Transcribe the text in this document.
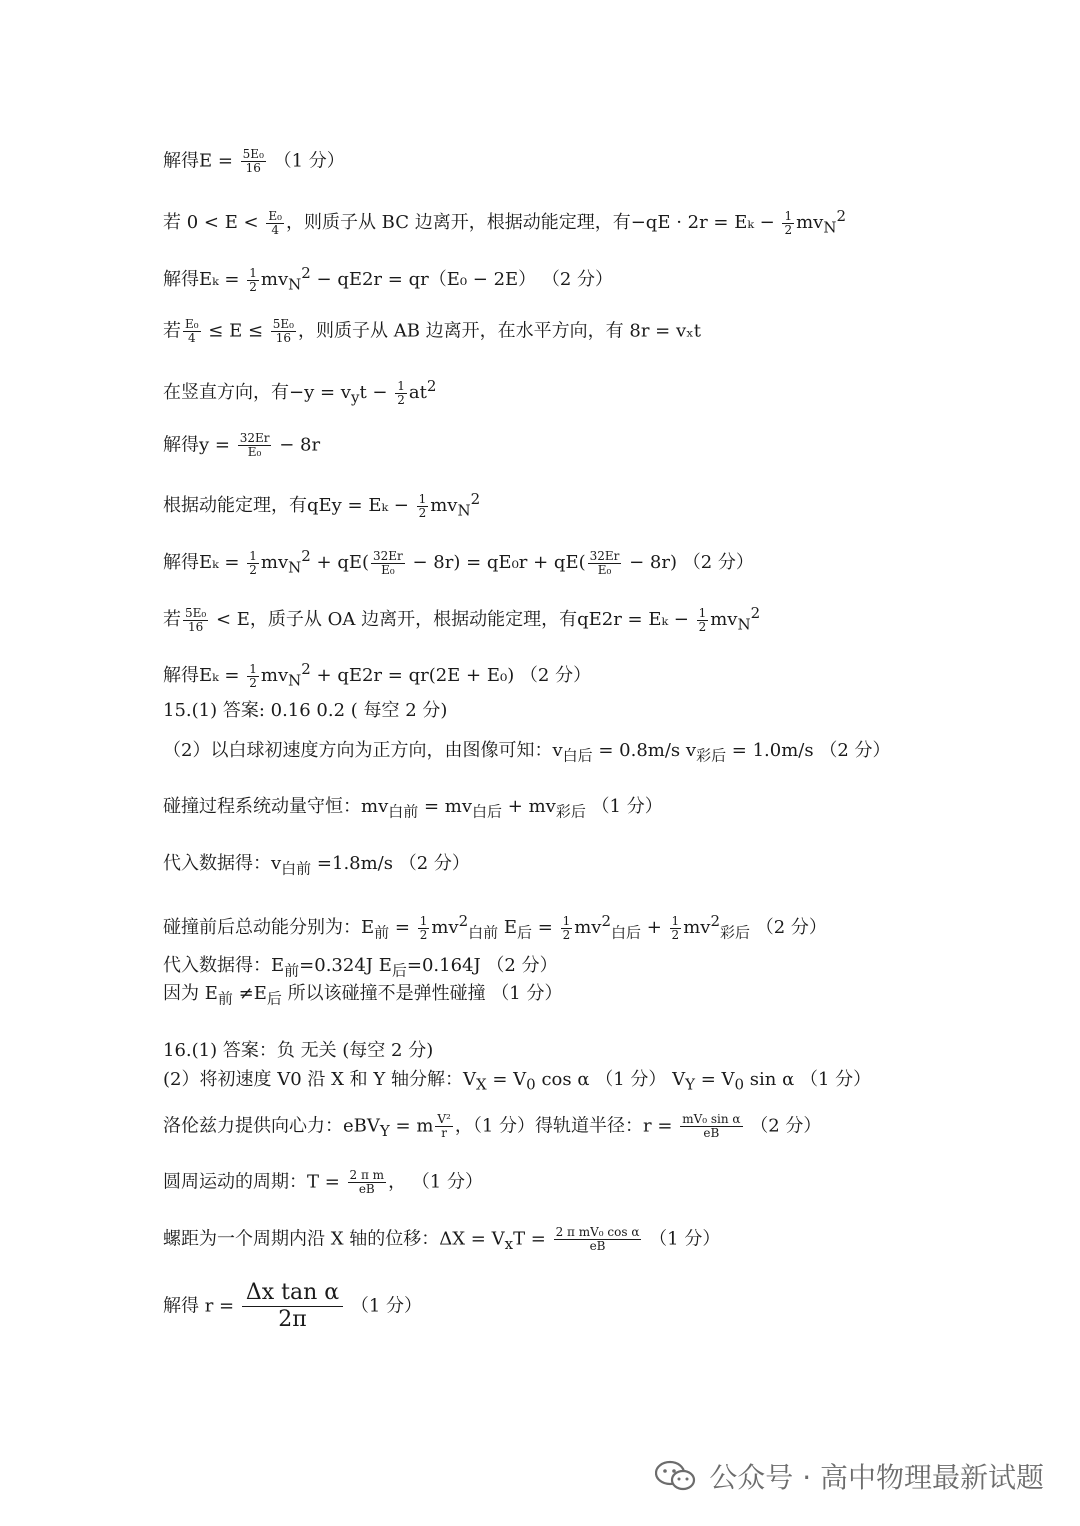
解得$E = \frac{\text{5E₀}}{16} (1$ 分）
若 $0 < E < \frac{\text{E₀}}{4}$ ，则质子从 BC 边离开，根据动能定理，有$-qE \cdot 2r = E_k - \frac{1}{2} mv_N^2$
解得$E_k = \frac{1}{2} mv_N^2 - qE2r = qr(E_0 - 2E)$ （2 分）
若 $\frac{\text{E₀}}{4} \le E \le \frac{\text{5E₀}}{16}$ ，则质子从 AB 边离开，在水平方向，有 8r = vₓt
在竖直方向，有$-y = v_yt - \frac{1}{2} at^2$
解得$y = \frac{32Er}{\text{E₀}} - 8r$
根据动能定理，有qEy = $E_k - \frac{1}{2} mv_N^2$
解得$E_k = \frac{1}{2} mv_N^2 + qE( \frac{32Er}{\text{E₀}} - 8r) = qE_0r + qE( \frac{32Er}{\text{E₀}} - 8r)$ （2 分）
若 $\frac{\text{5E₀}}{16} < E$，质子从 OA 边离开，根据动能定理，有$qE2r = E_k - \frac{1}{2} mv_N^2$
解得$E_k = \frac{1}{2} mv_N^2 + qE2r = qr(2E + E_0)$ （2 分）
15.(1) 答案: 0.16 0.2 ( 每空 2 分)
（2）以白球初速度方向为正方向，由图像可知：$v_{白后} = 0.8m/s$ $v_{彩后} = 1.0m/s$ （2 分）
碰撞过程系统动量守恒：$mv_{白前} = mv_{白后} + mv_{彩后}$ （1 分）
代入数据得：$v_{白前} =1.8m/s$ （2 分）
碰撞前后总动能分别为：$E_前 = \frac{1}{2} mv^2_{白前}$ $E_后 = \frac{1}{2} mv^2_{白后} + \frac{1}{2} mv^2_{彩后}$ （2 分）
代入数据得：$E_前=0.324J$ $E_后=0.164J$ （2 分）
因为 $E_前 \ne E_后$ 所以该碰撞不是弹性碰撞 （1 分）
16.(1) 答案：负 无关 (每空 2 分)
(2）将初速度 V0 沿 X 和 Y 轴分解：$V_X = V_0$ cos α （1 分） $V_Y = V_0$ sin α （1 分）
洛伦兹力提供向心力：eBV$_Y$ = m $\frac{\text{V²}}{r}$ ，（1 分）得轨道半径：$r = \frac{\text{mV₀ sin α}}{eB} (2$ 分）
圆周运动的周期：$T = \frac{\text{2 π m}}{eB}$ ， （1 分）
螺距为一个周期内沿 X 轴的位移：$\Delta X = V_xT = \frac{\text{2 π mV₀ cos α}}{eB} (1$ 分）
解得 $r = \frac{\text{Δx tan α}}{2\pi} (1$ 分）
公众号 · 高中物理最新试题
